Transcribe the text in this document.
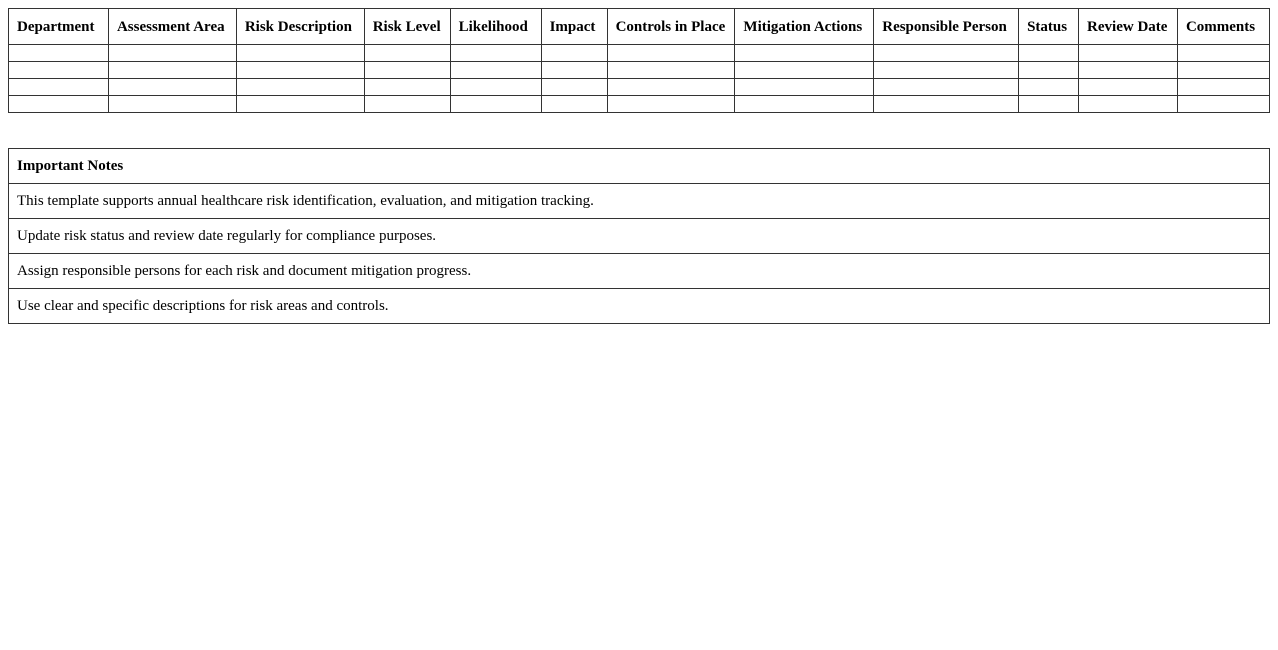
Department	Assessment Area	Risk Description	Risk Level	Likelihood	Impact	Controls in Place	Mitigation Actions	Responsible Person	Status	Review Date	Comments

Important Notes
This template supports annual healthcare risk identification, evaluation, and mitigation tracking.
Update risk status and review date regularly for compliance purposes.
Assign responsible persons for each risk and document mitigation progress.
Use clear and specific descriptions for risk areas and controls.
